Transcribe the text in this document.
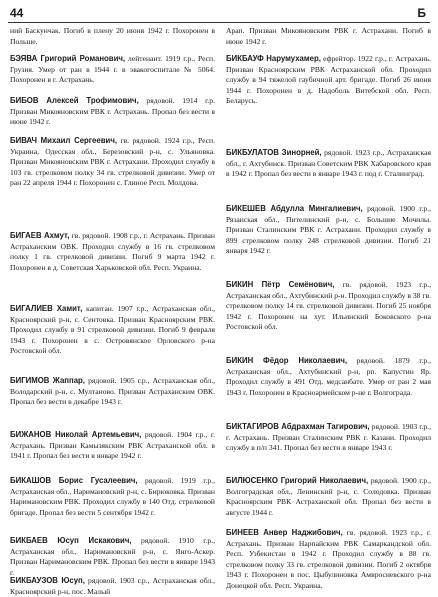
44	Б

ний Баскунчак. Погиб в плену 20 июня 1942 г. Похоронен в Польше.

БЭЯВА Григорий Романович, лейтенант. 1919 г.р., Респ. Грузия. Умер от ран в 1944 г. в эвакогоспитале № 5064. Похоронен в г. Астрахань.

БИБОВ Алексей Трофимович, рядовой. 1914 г.р. Призван Микояновским РВК г. Астрахань. Пропал без вести в июне 1942 г.

БИВАЧ Михаил Сергеевич, гв. рядовой. 1924 г.р., Респ. Украина, Одесская обл., Березовский р-н, с. Ульяновка. Призван Микояновским РВК г. Астрахани. Проходил службу в 103 гв. стрелковом полку 34 гв. стрелковой дивизии. Умер от ран 22 апреля 1944 г. Похоронен с. Глиное Респ. Молдова.

БИГАЕВ Ахмут, гв. рядовой. 1908 г.р., г. Астрахань. Призван Астраханским ОВК. Проходил службу в 16 гв. стрелковом полку 1 гв. стрелковой дивизии. Погиб 9 марта 1942 г. Похоронен в д. Советская Харьковской обл. Респ. Украина.

БИГАЛИЕВ Хамит, капитан. 1907 г.р., Астраханская обл., Красноярский р-н, с. Сентовка. Призван Красноярским РВК. Проходил службу в 91 стрелковой дивизии. Погиб 9 февраля 1943 г. Похоронен в с. Островянское Орловского р-на Ростовской обл.

БИГИМОВ Жаппар, рядовой. 1905 г.р., Астраханская обл., Володарский р-н, с. Мултаново. Призван Астраханским ОВК. Пропал без вести в декабре 1943 г.

БИЖАНОВ Николай Артемьевич, рядовой. 1904 г.р., г. Астрахань. Призван Камызякским РВК Астраханской обл. в 1941 г. Пропал без вести в январе 1942 г.

БИКАШОВ Борис Гусалеевич, рядовой. 1919 г.р., Астраханская обл., Наримановский р-н, с. Бирюковка. Призван Наримановским РВК. Проходил службу в 140 Отд. стрелковой бригаде. Пропал без вести 5 сентября 1942 г.

БИКБАЕВ Юсуп Искакович, рядовой. 1910 г.р., Астраханская обл., Наримановский р-н, с. Янго-Аскер. Призван Наримановским РВК. Пропал без вести в январе 1943 г.

БИКБАУЗОВ Юсуп, рядовой. 1903 г.р., Астраханская обл., Красноярский р-н, пос. Малый

Арап. Призван Микояновским РВК г. Астрахани. Погиб в июне 1942 г.

БИКБАУФ Нарумухамер, ефрейтор. 1922 г.р., г. Астрахань. Призван Красноярским РВК Астраханской обл. Проходил службу в 94 тяжелой гаубичной арт. бригаде. Погиб 26 июня 1944 г. Похоронен в д. Надоболь Витебской обл. Респ. Беларусь.

БИКБУЛАТОВ Зинорней, рядовой. 1923 г.р., Астраханская обл., г. Ахтубинск. Призван Советским РВК Хабаровского края в 1942 г. Пропал без вести в январе 1943 г. под г. Сталинград.

БИКЕШЕВ Абдулла Мингалиевич, рядовой. 1900 г.р., Рязанская обл., Пителинский р-н, с. Большие Мочилы. Призван Сталинским РВК г. Астрахани. Проходил службу в 899 стрелковом полку 248 стрелковой дивизии. Погиб 21 января 1942 г.

БИКИН Пётр Семёнович, гв. рядовой. 1923 г.р., Астраханская обл., Ахтубинский р-н. Проходил службу в 38 гв. стрелковом полку 14 гв. стрелковой дивизии. Погиб 25 ноября 1942 г. Похоронен на хут. Ильинский Боковского р-на Ростовской обл.

БИКИН Фёдор Николаевич, рядовой. 1879 г.р., Астраханская обл., Ахтубинский р-н, рп. Капустин Яр. Проходил службу в 491 Отд. медсанбате. Умер от ран 2 мая 1943 г. Похоронен в Красноармейском р-не г. Волгограда.

БИКТАГИРОВ Абдрахман Тагирович, рядовой. 1903 г.р., г. Астрахань. Призван Сталинским РВК г. Казани. Проходил службу в п/п 341. Пропал без вести в январе 1943 г.

БИЛЮСЕНКО Григорий Николаевич, рядовой. 1900 г.р., Волгоградская обл., Ленинский р-н, с. Солодовка. Призван Красноярским РВК Астраханской обл. Пропал без вести в августе 1944 г.

БИНЕЕВ Анвер Наджибович, гв. рядовой. 1923 г.р., г. Астрахань. Призван Нарпайским РВК Самаркандской обл. Респ. Узбекистан в 1942 г. Проходил службу в 88 гв. стрелковом полку 33 гв. стрелковой дивизии. Погиб 2 октября 1943 г. Похоронен в пос. Цыбулиновка Амвросиевского р-на Донецкой обл. Респ. Украина.
